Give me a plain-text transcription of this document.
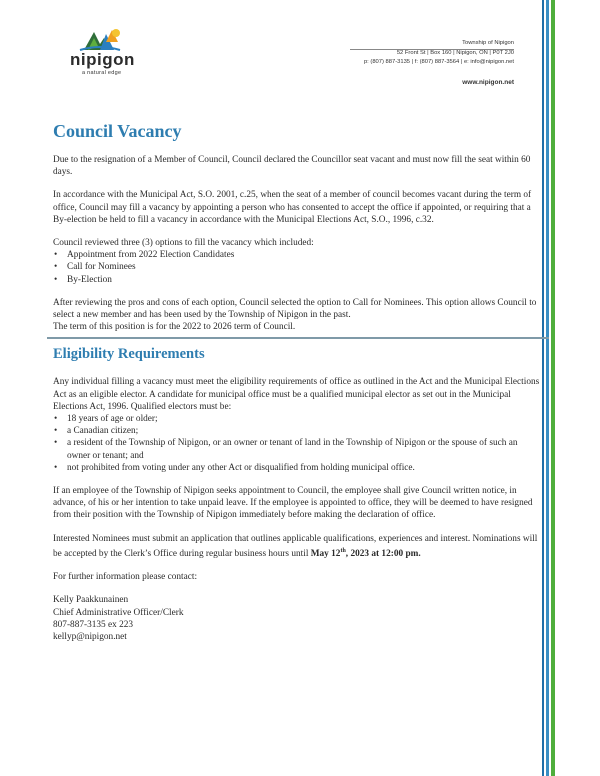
nipigon
a natural edge
Township of Nipigon
52 Front St | Box 160 | Nipigon, ON | P0T 2J0
p: (807) 887-3135 | f: (807) 887-3564 | e: info@nipigon.net
www.nipigon.net
Council Vacancy

Due to the resignation of a Member of Council, Council declared the Councillor seat vacant and must now fill the seat within 60 days.

In accordance with the Municipal Act, S.O. 2001, c.25, when the seat of a member of council becomes vacant during the term of office, Council may fill a vacancy by appointing a person who has consented to accept the office if appointed, or requiring that a By-election be held to fill a vacancy in accordance with the Municipal Elections Act, S.O., 1996, c.32.

Council reviewed three (3) options to fill the vacancy which included:

• Appointment from 2022 Election Candidates
• Call for Nominees
• By-Election

After reviewing the pros and cons of each option, Council selected the option to Call for Nominees. This option allows Council to select a new member and has been used by the Township of Nipigon in the past.
The term of this position is for the 2022 to 2026 term of Council.

Eligibility Requirements

Any individual filling a vacancy must meet the eligibility requirements of office as outlined in the Act and the Municipal Elections Act as an eligible elector. A candidate for municipal office must be a qualified municipal elector as set out in the Municipal Elections Act, 1996. Qualified electors must be:

• 18 years of age or older;
• a Canadian citizen;
• a resident of the Township of Nipigon, or an owner or tenant of land in the Township of Nipigon or the spouse of such an owner or tenant; and
• not prohibited from voting under any other Act or disqualified from holding municipal office.

If an employee of the Township of Nipigon seeks appointment to Council, the employee shall give Council written notice, in advance, of his or her intention to take unpaid leave. If the employee is appointed to office, they will be deemed to have resigned from their position with the Township of Nipigon immediately before making the declaration of office.

Interested Nominees must submit an application that outlines applicable qualifications, experiences and interest. Nominations will be accepted by the Clerk’s Office during regular business hours until May 12th, 2023 at 12:00 pm.

For further information please contact:

Kelly Paakkunainen
Chief Administrative Officer/Clerk
807-887-3135 ex 223
kellyp@nipigon.net
